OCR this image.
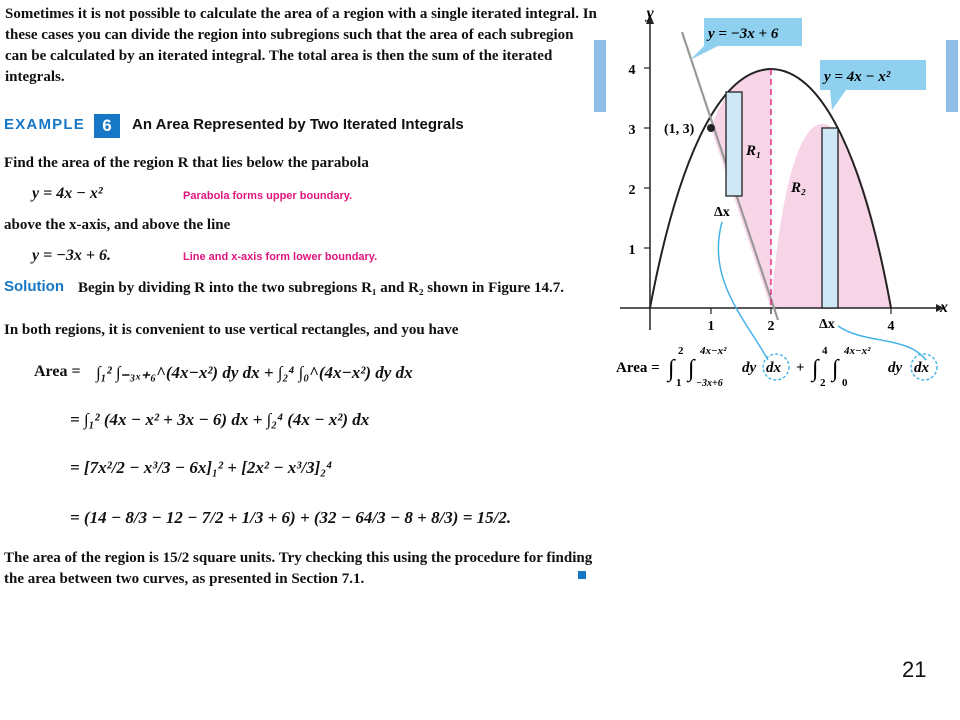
Sometimes it is not possible to calculate the area of a region with a single iterated integral. In these cases you can divide the region into subregions such that the area of each subregion can be calculated by an iterated integral. The total area is then the sum of the iterated integrals.
EXAMPLE	6	An Area Represented by Two Iterated Integrals
Find the area of the region R that lies below the parabola
y = 4x − x²	Parabola forms upper boundary.
above the x-axis, and above the line
y = −3x + 6.	Line and x-axis form lower boundary.
Solution Begin by dividing R into the two subregions R₁ and R₂ shown in Figure 14.7.
In both regions, it is convenient to use vertical rectangles, and you have
Area = ∫₁² ∫₋₃ₓ₊₆^(4x−x²) dy dx + ∫₂⁴ ∫₀^(4x−x²) dy dx
= ∫₁² (4x − x² + 3x − 6) dx + ∫₂⁴ (4x − x²) dx
= [7x²/2 − x³/3 − 6x]₁² + [2x² − x³/3]₂⁴
= (14 − 8/3 − 12 − 7/2 + 1/3 + 6) + (32 − 64/3 − 8 + 8/3) = 15/2.
The area of the region is 15/2 square units. Try checking this using the procedure for finding the area between two curves, as presented in Section 7.1.
1
2
3
4
1	2	4
x
y
(1, 3)
R₁
R₂
Δx
Δx
y = −3x + 6
y = 4x − x²
Area = ∫
2
1
∫
4x−x²
−3x+6
dy dx + ∫
4
2
∫
4x−x²
0
dy dx
21
